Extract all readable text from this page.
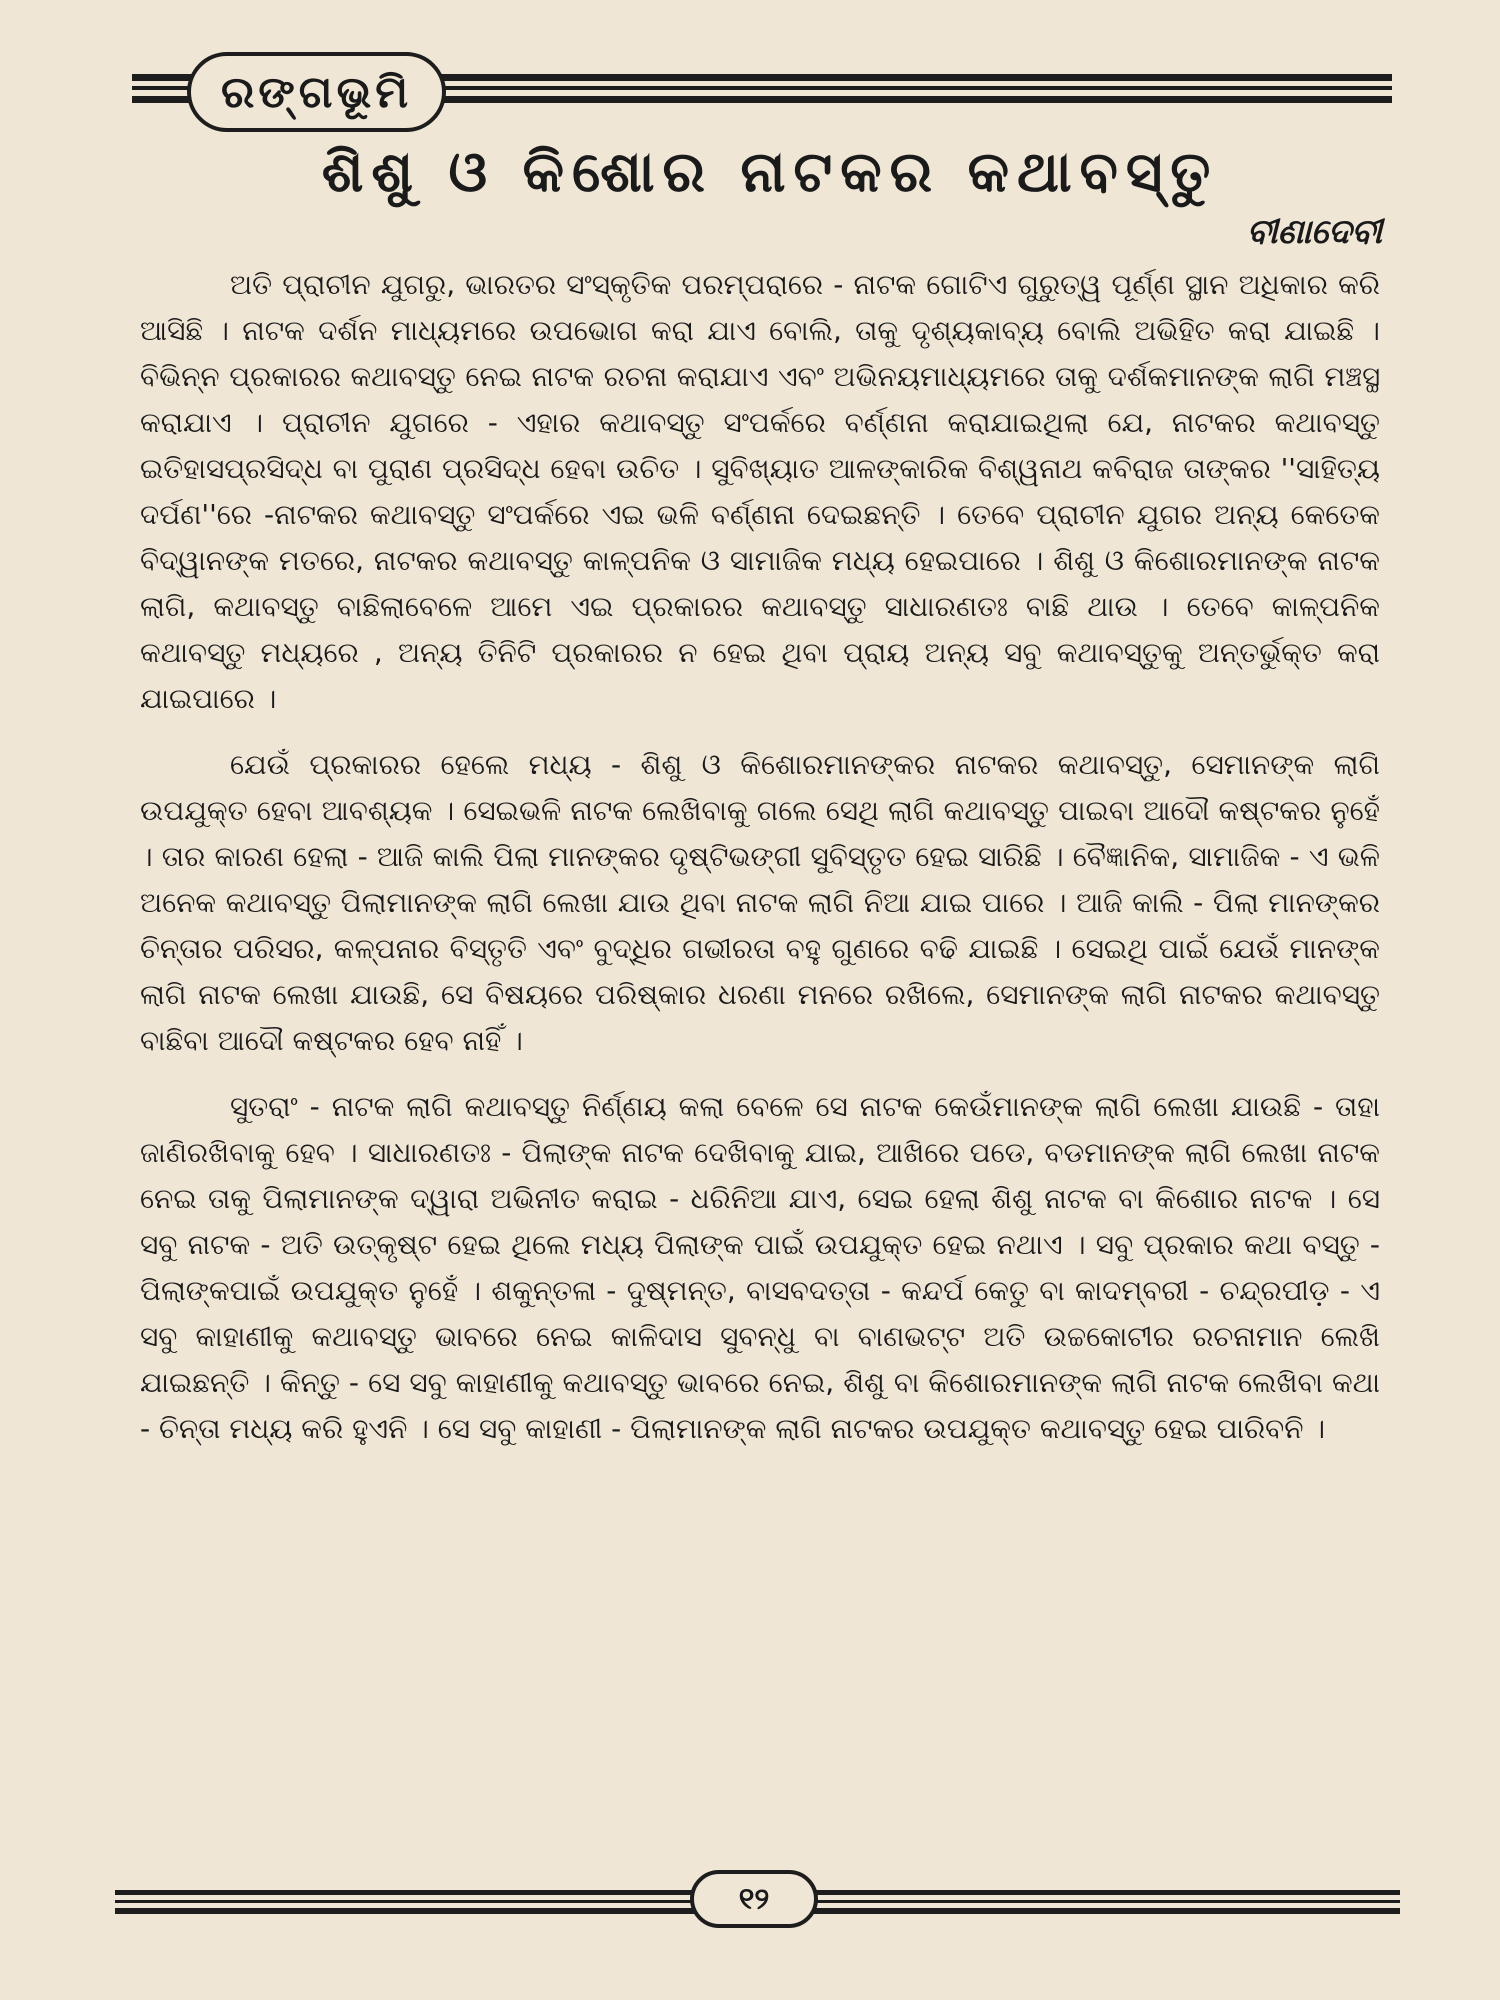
ରଙ୍ଗଭୂମି
ଶିଶୁ ଓ କିଶୋର ନାଟକର କଥାବସ୍ତୁ
ବୀଣାଦେବୀ

ଅତି ପ୍ରାଚୀନ ଯୁଗରୁ, ଭାରତର ସଂସ୍କୃତିକ ପରମ୍ପରାରେ - ନାଟକ ଗୋଟିଏ ଗୁରୁତ୍ୱ ପୂର୍ଣ୍ଣ ସ୍ଥାନ ଅଧିକାର କରି ଆସିଛି । ନାଟକ ଦର୍ଶନ ମାଧ୍ୟମରେ ଉପଭୋଗ କରା ଯାଏ ବୋଲି, ତାକୁ ଦୃଶ୍ୟକାବ୍ୟ ବୋଲି ଅଭିହିତ କରା ଯାଇଛି । ବିଭିନ୍ନ ପ୍ରକାରର କଥାବସ୍ତୁ ନେଇ ନାଟକ ରଚନା କରାଯାଏ ଏବଂ ଅଭିନୟମାଧ୍ୟମରେ ତାକୁ ଦର୍ଶକମାନଙ୍କ ଲାଗି ମଞ୍ଚସ୍ଥ କରାଯାଏ । ପ୍ରାଚୀନ ଯୁଗରେ - ଏହାର କଥାବସ୍ତୁ ସଂପର୍କରେ ବର୍ଣ୍ଣନା କରାଯାଇଥିଲା ଯେ, ନାଟକର କଥାବସ୍ତୁ ଇତିହାସପ୍ରସିଦ୍ଧ ବା ପୁରାଣ ପ୍ରସିଦ୍ଧ ହେବା ଉଚିତ । ସୁବିଖ୍ୟାତ ଆଳଙ୍କାରିକ ବିଶ୍ୱନାଥ କବିରାଜ ତାଙ୍କର ''ସାହିତ୍ୟ ଦର୍ପଣ''ରେ -ନାଟକର କଥାବସ୍ତୁ ସଂପର୍କରେ ଏଇ ଭଳି ବର୍ଣ୍ଣନା ଦେଇଛନ୍ତି । ତେବେ ପ୍ରାଚୀନ ଯୁଗର ଅନ୍ୟ କେତେକ ବିଦ୍ୱାନଙ୍କ ମତରେ, ନାଟକର କଥାବସ୍ତୁ କାଳ୍ପନିକ ଓ ସାମାଜିକ ମଧ୍ୟ ହେଇପାରେ । ଶିଶୁ ଓ କିଶୋରମାନଙ୍କ ନାଟକ ଲାଗି, କଥାବସ୍ତୁ ବାଛିଲାବେଳେ ଆମେ ଏଇ ପ୍ରକାରର କଥାବସ୍ତୁ ସାଧାରଣତଃ ବାଛି ଥାଉ । ତେବେ କାଳ୍ପନିକ କଥାବସ୍ତୁ ମଧ୍ୟରେ , ଅନ୍ୟ ତିନିଟି ପ୍ରକାରର ନ ହେଇ ଥିବା ପ୍ରାୟ ଅନ୍ୟ ସବୁ କଥାବସ୍ତୁକୁ ଅନ୍ତର୍ଭୁକ୍ତ କରା ଯାଇପାରେ ।

ଯେଉଁ ପ୍ରକାରର ହେଲେ ମଧ୍ୟ - ଶିଶୁ ଓ କିଶୋରମାନଙ୍କର ନାଟକର କଥାବସ୍ତୁ, ସେମାନଙ୍କ ଲାଗି ଉପଯୁକ୍ତ ହେବା ଆବଶ୍ୟକ । ସେଇଭଳି ନାଟକ ଲେଖିବାକୁ ଗଲେ ସେଥି ଲାଗି କଥାବସ୍ତୁ ପାଇବା ଆଦୌ କଷ୍ଟକର ନୁହେଁ । ତାର କାରଣ ହେଲା - ଆଜି କାଲି ପିଲା ମାନଙ୍କର ଦୃଷ୍ଟିଭଙ୍ଗୀ ସୁବିସ୍ତୃତ ହେଇ ସାରିଛି । ବୈଜ୍ଞାନିକ, ସାମାଜିକ - ଏ ଭଳି ଅନେକ କଥାବସ୍ତୁ ପିଲାମାନଙ୍କ ଲାଗି ଲେଖା ଯାଉ ଥିବା ନାଟକ ଲାଗି ନିଆ ଯାଇ ପାରେ । ଆଜି କାଲି - ପିଲା ମାନଙ୍କର ଚିନ୍ତାର ପରିସର, କଳ୍ପନାର ବିସ୍ତୃତି ଏବଂ ବୁଦ୍ଧିର ଗଭୀରତା ବହୁ ଗୁଣରେ ବଢି ଯାଇଛି । ସେଇଥି ପାଇଁ ଯେଉଁ ମାନଙ୍କ ଲାଗି ନାଟକ ଲେଖା ଯାଉଛି, ସେ ବିଷୟରେ ପରିଷ୍କାର ଧରଣା ମନରେ ରଖିଲେ, ସେମାନଙ୍କ ଲାଗି ନାଟକର କଥାବସ୍ତୁ ବାଛିବା ଆଦୌ କଷ୍ଟକର ହେବ ନାହିଁ ।

ସୁତରାଂ - ନାଟକ ଲାଗି କଥାବସ୍ତୁ ନିର୍ଣ୍ଣୟ କଲା ବେଳେ ସେ ନାଟକ କେଉଁମାନଙ୍କ ଲାଗି ଲେଖା ଯାଉଛି - ତାହା ଜାଣିରଖିବାକୁ ହେବ । ସାଧାରଣତଃ - ପିଲାଙ୍କ ନାଟକ ଦେଖିବାକୁ ଯାଇ, ଆଖିରେ ପଡେ, ବଡମାନଙ୍କ ଲାଗି ଲେଖା ନାଟକ ନେଇ ତାକୁ ପିଲାମାନଙ୍କ ଦ୍ୱାରା ଅଭିନୀତ କରାଇ - ଧରିନିଆ ଯାଏ, ସେଇ ହେଲା ଶିଶୁ ନାଟକ ବା କିଶୋର ନାଟକ । ସେ ସବୁ ନାଟକ - ଅତି ଉତ୍କୃଷ୍ଟ ହେଇ ଥିଲେ ମଧ୍ୟ ପିଲାଙ୍କ ପାଇଁ ଉପଯୁକ୍ତ ହେଇ ନଥାଏ । ସବୁ ପ୍ରକାର କଥା ବସ୍ତୁ - ପିଲାଙ୍କପାଇଁ ଉପଯୁକ୍ତ ନୁହେଁ । ଶକୁନ୍ତଳା - ଦୁଷ୍ମନ୍ତ, ବାସବଦତ୍ତା - କନ୍ଦର୍ପ କେତୁ ବା କାଦମ୍ବରୀ - ଚନ୍ଦ୍ରପୀଡ଼ - ଏ ସବୁ କାହାଣୀକୁ କଥାବସ୍ତୁ ଭାବରେ ନେଇ କାଳିଦାସ ସୁବନ୍ଧୁ ବା ବାଣଭଟ୍ଟ ଅତି ଉଚ୍ଚକୋଟୀର ରଚନାମାନ ଲେଖି ଯାଇଛନ୍ତି । କିନ୍ତୁ - ସେ ସବୁ କାହାଣୀକୁ କଥାବସ୍ତୁ ଭାବରେ ନେଇ, ଶିଶୁ ବା କିଶୋରମାନଙ୍କ ଲାଗି ନାଟକ ଲେଖିବା କଥା - ଚିନ୍ତା ମଧ୍ୟ କରି ହୁଏନି । ସେ ସବୁ କାହାଣୀ - ପିଲାମାନଙ୍କ ଲାଗି ନାଟକର ଉପଯୁକ୍ତ କଥାବସ୍ତୁ ହେଇ ପାରିବନି ।

୧୨
